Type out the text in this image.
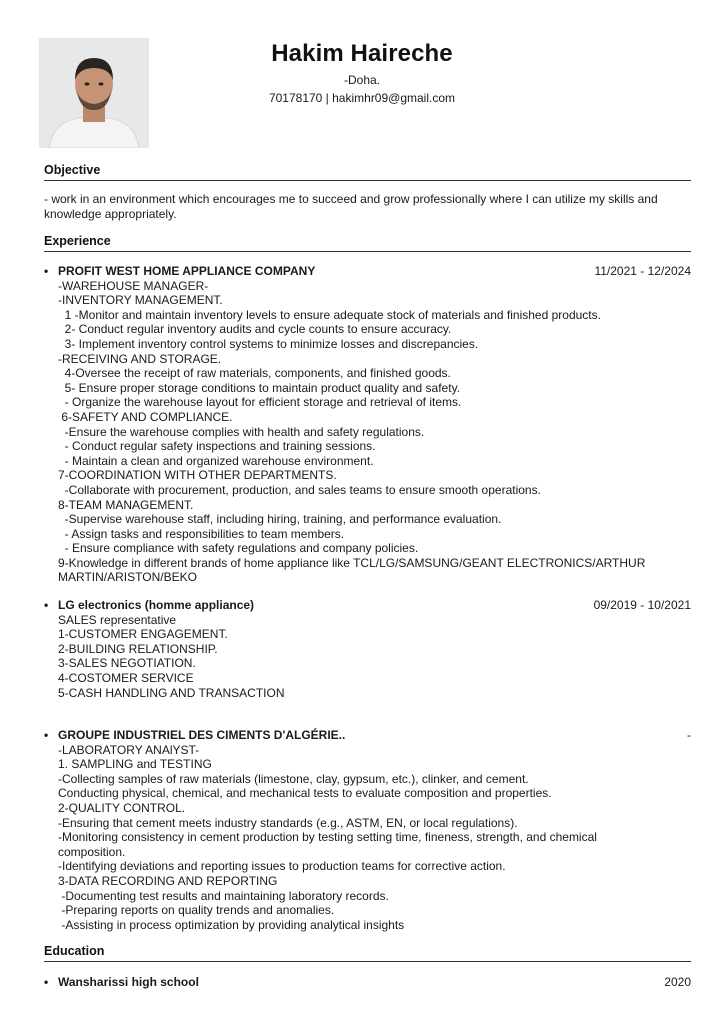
Hakim Haireche
-Doha.
70178170 | hakimhr09@gmail.com
Objective
- work in an environment which encourages me to succeed and grow professionally where I can utilize my skills and knowledge appropriately.
Experience
• PROFIT WEST HOME APPLIANCE COMPANY	11/2021 - 12/2024
-WAREHOUSE MANAGER-
-INVENTORY MANAGEMENT.
1 -Monitor and maintain inventory levels to ensure adequate stock of materials and finished products.
2- Conduct regular inventory audits and cycle counts to ensure accuracy.
3- Implement inventory control systems to minimize losses and discrepancies.
-RECEIVING AND STORAGE.
4-Oversee the receipt of raw materials, components, and finished goods.
5- Ensure proper storage conditions to maintain product quality and safety.
- Organize the warehouse layout for efficient storage and retrieval of items.
6-SAFETY AND COMPLIANCE.
-Ensure the warehouse complies with health and safety regulations.
- Conduct regular safety inspections and training sessions.
- Maintain a clean and organized warehouse environment.
7-COORDINATION WITH OTHER DEPARTMENTS.
-Collaborate with procurement, production, and sales teams to ensure smooth operations.
8-TEAM MANAGEMENT.
-Supervise warehouse staff, including hiring, training, and performance evaluation.
- Assign tasks and responsibilities to team members.
- Ensure compliance with safety regulations and company policies.
9-Knowledge in different brands of home appliance like TCL/LG/SAMSUNG/GEANT ELECTRONICS/ARTHUR
MARTIN/ARISTON/BEKO
• LG electronics (homme appliance)	09/2019 - 10/2021
SALES representative
1-CUSTOMER ENGAGEMENT.
2-BUILDING RELATIONSHIP.
3-SALES NEGOTIATION.
4-COSTOMER SERVICE
5-CASH HANDLING AND TRANSACTION
• GROUPE INDUSTRIEL DES CIMENTS D'ALGÉRIE..	-
-LABORATORY ANAlYST-
1. SAMPLING and TESTING
-Collecting samples of raw materials (limestone, clay, gypsum, etc.), clinker, and cement.
Conducting physical, chemical, and mechanical tests to evaluate composition and properties.
2-QUALITY CONTROL.
-Ensuring that cement meets industry standards (e.g., ASTM, EN, or local regulations).
-Monitoring consistency in cement production by testing setting time, fineness, strength, and chemical
composition.
-Identifying deviations and reporting issues to production teams for corrective action.
3-DATA RECORDING AND REPORTING
-Documenting test results and maintaining laboratory records.
-Preparing reports on quality trends and anomalies.
-Assisting in process optimization by providing analytical insights
Education
• Wansharissi high school	2020
